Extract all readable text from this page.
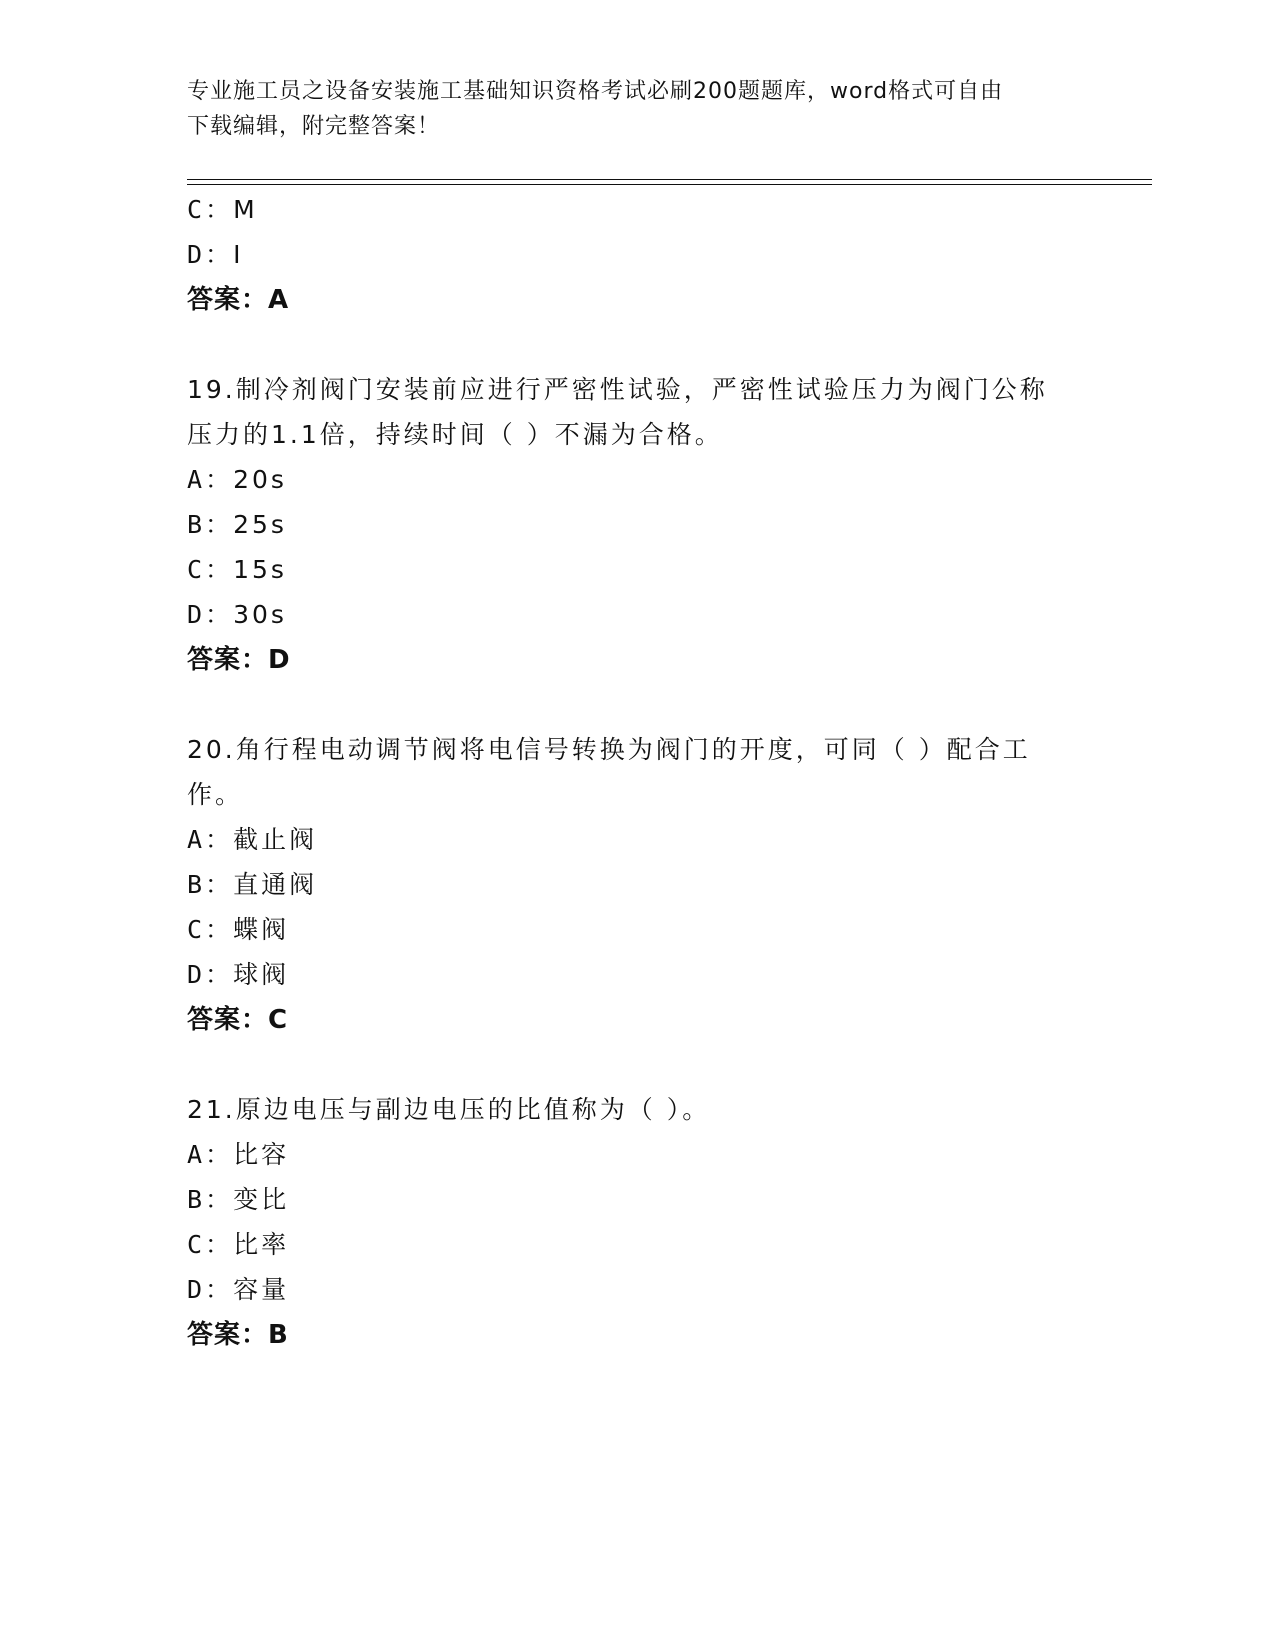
专业施工员之设备安装施工基础知识资格考试必刷200题题库，word格式可自由
下载编辑，附完整答案！
C：M
D：I
答案：A
19.制冷剂阀门安装前应进行严密性试验，严密性试验压力为阀门公称
压力的1.1倍，持续时间（ ）不漏为合格。
A：20s
B：25s
C：15s
D：30s
答案：D
20.角行程电动调节阀将电信号转换为阀门的开度，可同（ ）配合工
作。
A：截止阀
B：直通阀
C：蝶阀
D：球阀
答案：C
21.原边电压与副边电压的比值称为（ ）。
A：比容
B：变比
C：比率
D：容量
答案：B
